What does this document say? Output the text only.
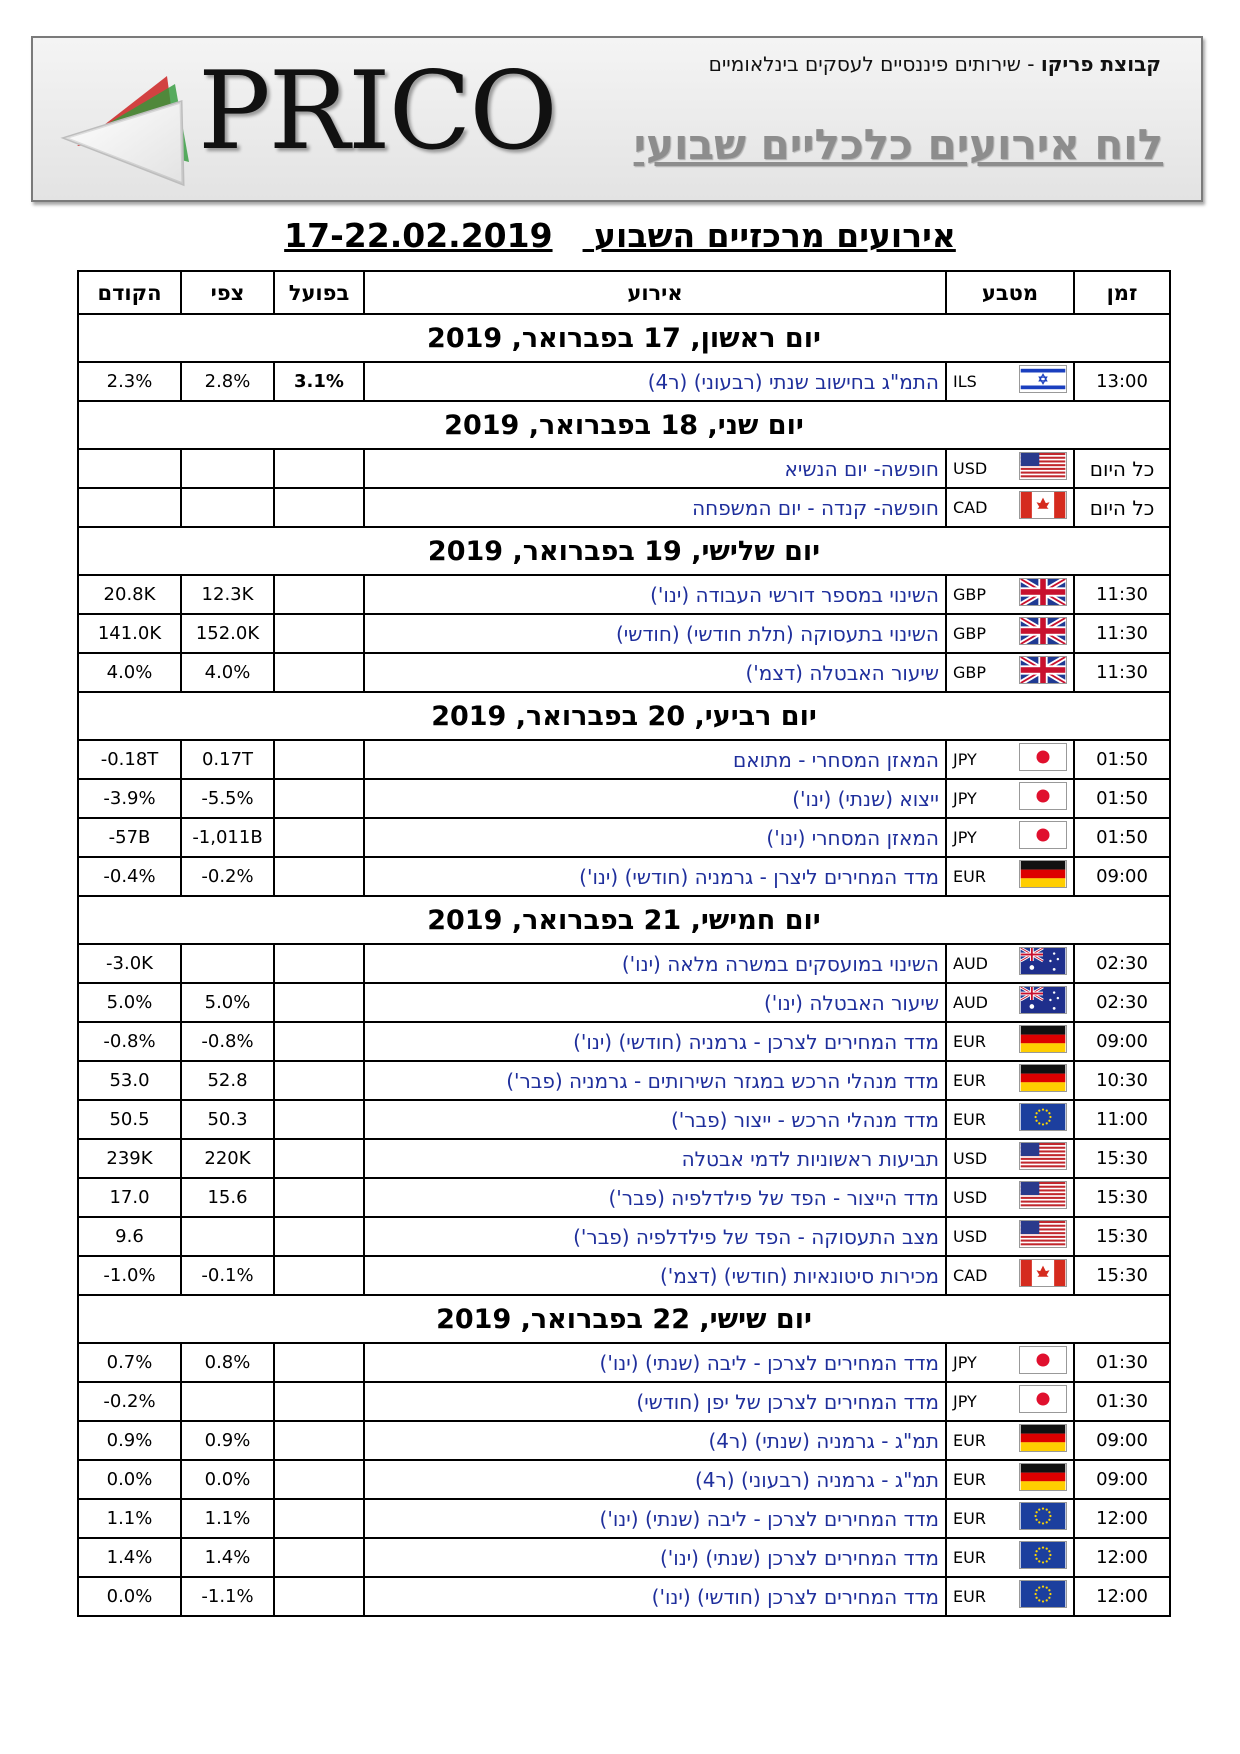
PRICO	קבוצת פריקו - שירותים פיננסיים לעסקים בינלאומיים
לוח אירועים כלכליים שבועי
אירועים מרכזיים השבוע 17-22.02.2019
הקודם	צפי	בפועל	אירוע	מטבע	זמן
יום ראשון, 17 בפברואר, 2019					
2.3%	2.8%	3.1%	התמ"ג בחישוב שנתי (רבעוני) (ר4)	ILS	13:00
יום שני, 18 בפברואר, 2019					
			חופשה- יום הנשיא	USD	כל היום
			חופשה- קנדה - יום המשפחה	CAD	כל היום
יום שלישי, 19 בפברואר, 2019					
20.8K	12.3K		השינוי במספר דורשי העבודה (ינו')	GBP	11:30
141.0K	152.0K		השינוי בתעסוקה (תלת חודשי) (חודשי)	GBP	11:30
4.0%	4.0%		שיעור האבטלה (דצמ')	GBP	11:30
יום רביעי, 20 בפברואר, 2019					
-0.18T	0.17T		המאזן המסחרי - מתואם	JPY	01:50
-3.9%	-5.5%		ייצוא (שנתי) (ינו')	JPY	01:50
-57B	-1,011B		המאזן המסחרי (ינו')	JPY	01:50
-0.4%	-0.2%		מדד המחירים ליצרן - גרמניה (חודשי) (ינו')	EUR	09:00
יום חמישי, 21 בפברואר, 2019					
-3.0K			השינוי במועסקים במשרה מלאה (ינו')	AUD	02:30
5.0%	5.0%		שיעור האבטלה (ינו')	AUD	02:30
-0.8%	-0.8%		מדד המחירים לצרכן - גרמניה (חודשי) (ינו')	EUR	09:00
53.0	52.8		מדד מנהלי הרכש במגזר השירותים - גרמניה (פבר')	EUR	10:30
50.5	50.3		מדד מנהלי הרכש - ייצור (פבר')	EUR	11:00
239K	220K		תביעות ראשוניות לדמי אבטלה	USD	15:30
17.0	15.6		מדד הייצור - הפד של פילדלפיה (פבר')	USD	15:30
9.6			מצב התעסוקה - הפד של פילדלפיה (פבר')	USD	15:30
-1.0%	-0.1%		מכירות סיטונאיות (חודשי) (דצמ')	CAD	15:30
יום שישי, 22 בפברואר, 2019					
0.7%	0.8%		מדד המחירים לצרכן - ליבה (שנתי) (ינו')	JPY	01:30
-0.2%			מדד המחירים לצרכן של יפן (חודשי)	JPY	01:30
0.9%	0.9%		תמ"ג - גרמניה (שנתי) (ר4)	EUR	09:00
0.0%	0.0%		תמ"ג - גרמניה (רבעוני) (ר4)	EUR	09:00
1.1%	1.1%		מדד המחירים לצרכן - ליבה (שנתי) (ינו')	EUR	12:00
1.4%	1.4%		מדד המחירים לצרכן (שנתי) (ינו')	EUR	12:00
0.0%	-1.1%		מדד המחירים לצרכן (חודשי) (ינו')	EUR	12:00
